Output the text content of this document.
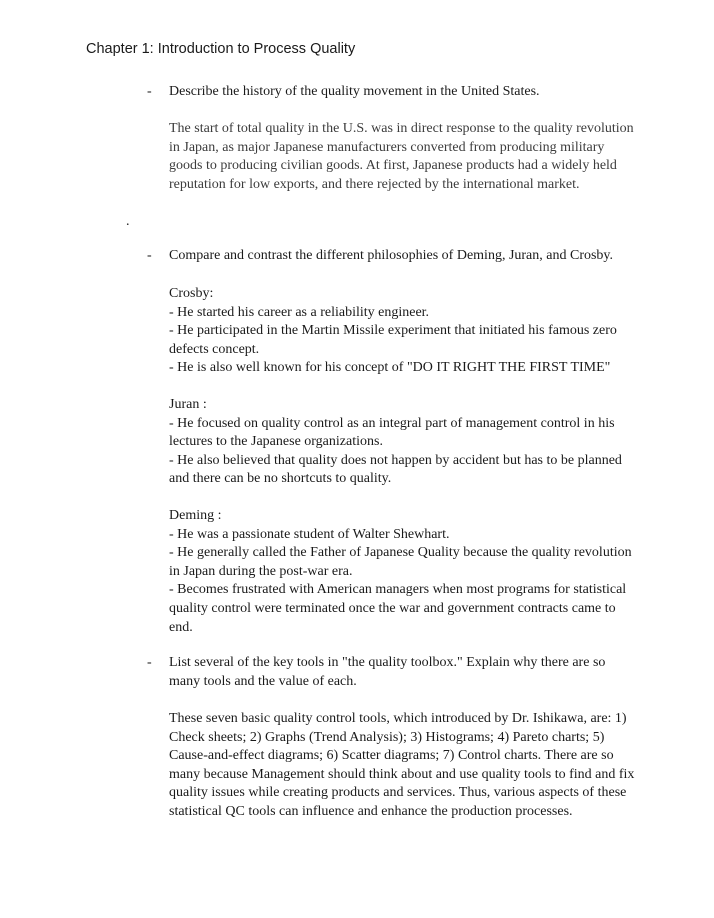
Chapter 1: Introduction to Process Quality
- Describe the history of the quality movement in the United States.

The start of total quality in the U.S. was in direct response to the quality revolution in Japan, as major Japanese manufacturers converted from producing military goods to producing civilian goods. At first, Japanese products had a widely held reputation for low exports, and there rejected by the international market.

.
- Compare and contrast the different philosophies of Deming, Juran, and Crosby.

Crosby:

- He started his career as a reliability engineer.

- He participated in the Martin Missile experiment that initiated his famous zero defects concept.

- He is also well known for his concept of "DO IT RIGHT THE FIRST TIME"

Juran :

- He focused on quality control as an integral part of management control in his lectures to the Japanese organizations.

- He also believed that quality does not happen by accident but has to be planned and there can be no shortcuts to quality.

Deming :

- He was a passionate student of Walter Shewhart.

- He generally called the Father of Japanese Quality because the quality revolution in Japan during the post-war era.

- Becomes frustrated with American managers when most programs for statistical quality control were terminated once the war and government contracts came to end.

- List several of the key tools in "the quality toolbox." Explain why there are so many tools and the value of each.

These seven basic quality control tools, which introduced by Dr. Ishikawa, are: 1) Check sheets; 2) Graphs (Trend Analysis); 3) Histograms; 4) Pareto charts; 5) Cause-and-effect diagrams; 6) Scatter diagrams; 7) Control charts. There are so many because Management should think about and use quality tools to find and fix quality issues while creating products and services. Thus, various aspects of these statistical QC tools can influence and enhance the production processes.
